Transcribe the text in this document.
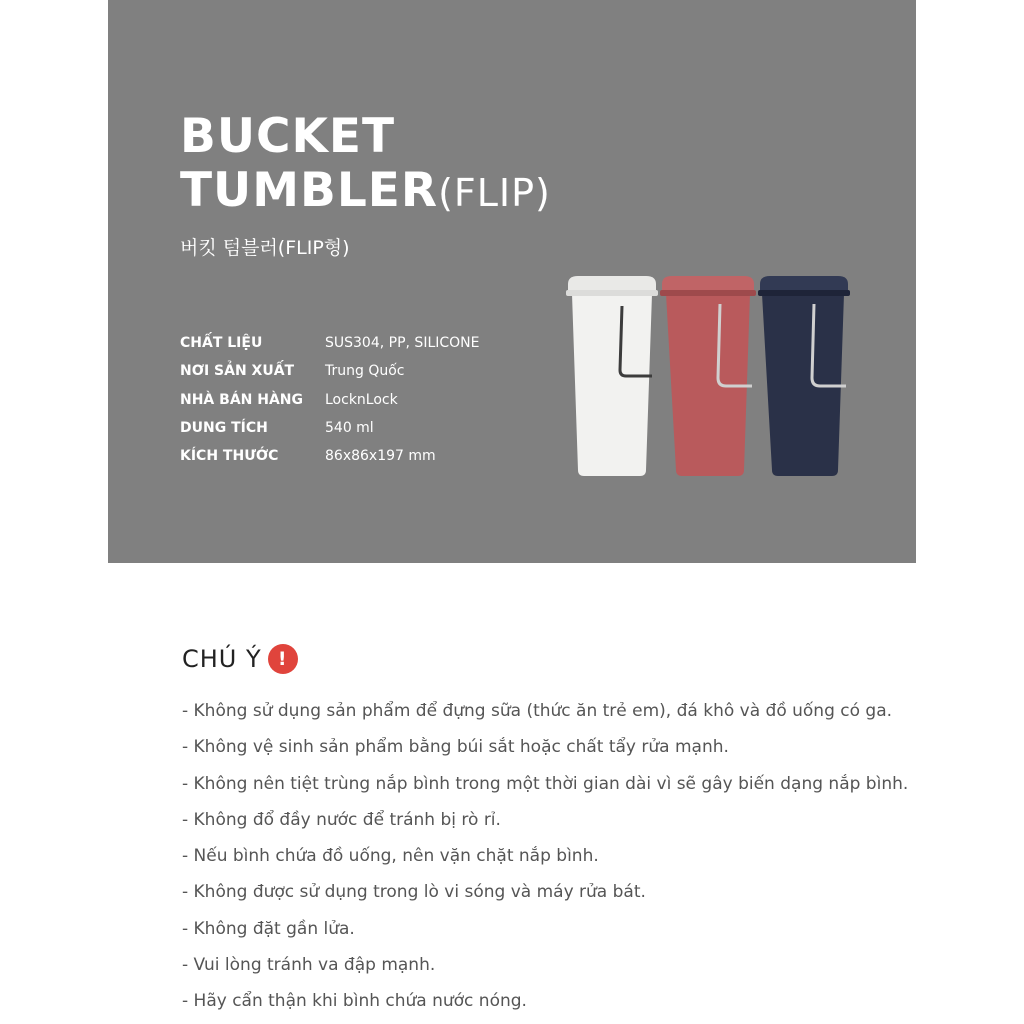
BUCKET
TUMBLER(FLIP)
버킷 텀블러(FLIP형)
CHẤT LIỆU	SUS304, PP, SILICONE
NƠI SẢN XUẤT	Trung Quốc
NHÀ BÁN HÀNG	LocknLock
DUNG TÍCH	540 ml
KÍCH THƯỚC	86x86x197 mm
CHÚ Ý !
- Không sử dụng sản phẩm để đựng sữa (thức ăn trẻ em), đá khô và đồ uống có ga.
- Không vệ sinh sản phẩm bằng búi sắt hoặc chất tẩy rửa mạnh.
- Không nên tiệt trùng nắp bình trong một thời gian dài vì sẽ gây biến dạng nắp bình.
- Không đổ đầy nước để tránh bị rò rỉ.
- Nếu bình chứa đồ uống, nên vặn chặt nắp bình.
- Không được sử dụng trong lò vi sóng và máy rửa bát.
- Không đặt gần lửa.
- Vui lòng tránh va đập mạnh.
- Hãy cẩn thận khi bình chứa nước nóng.
